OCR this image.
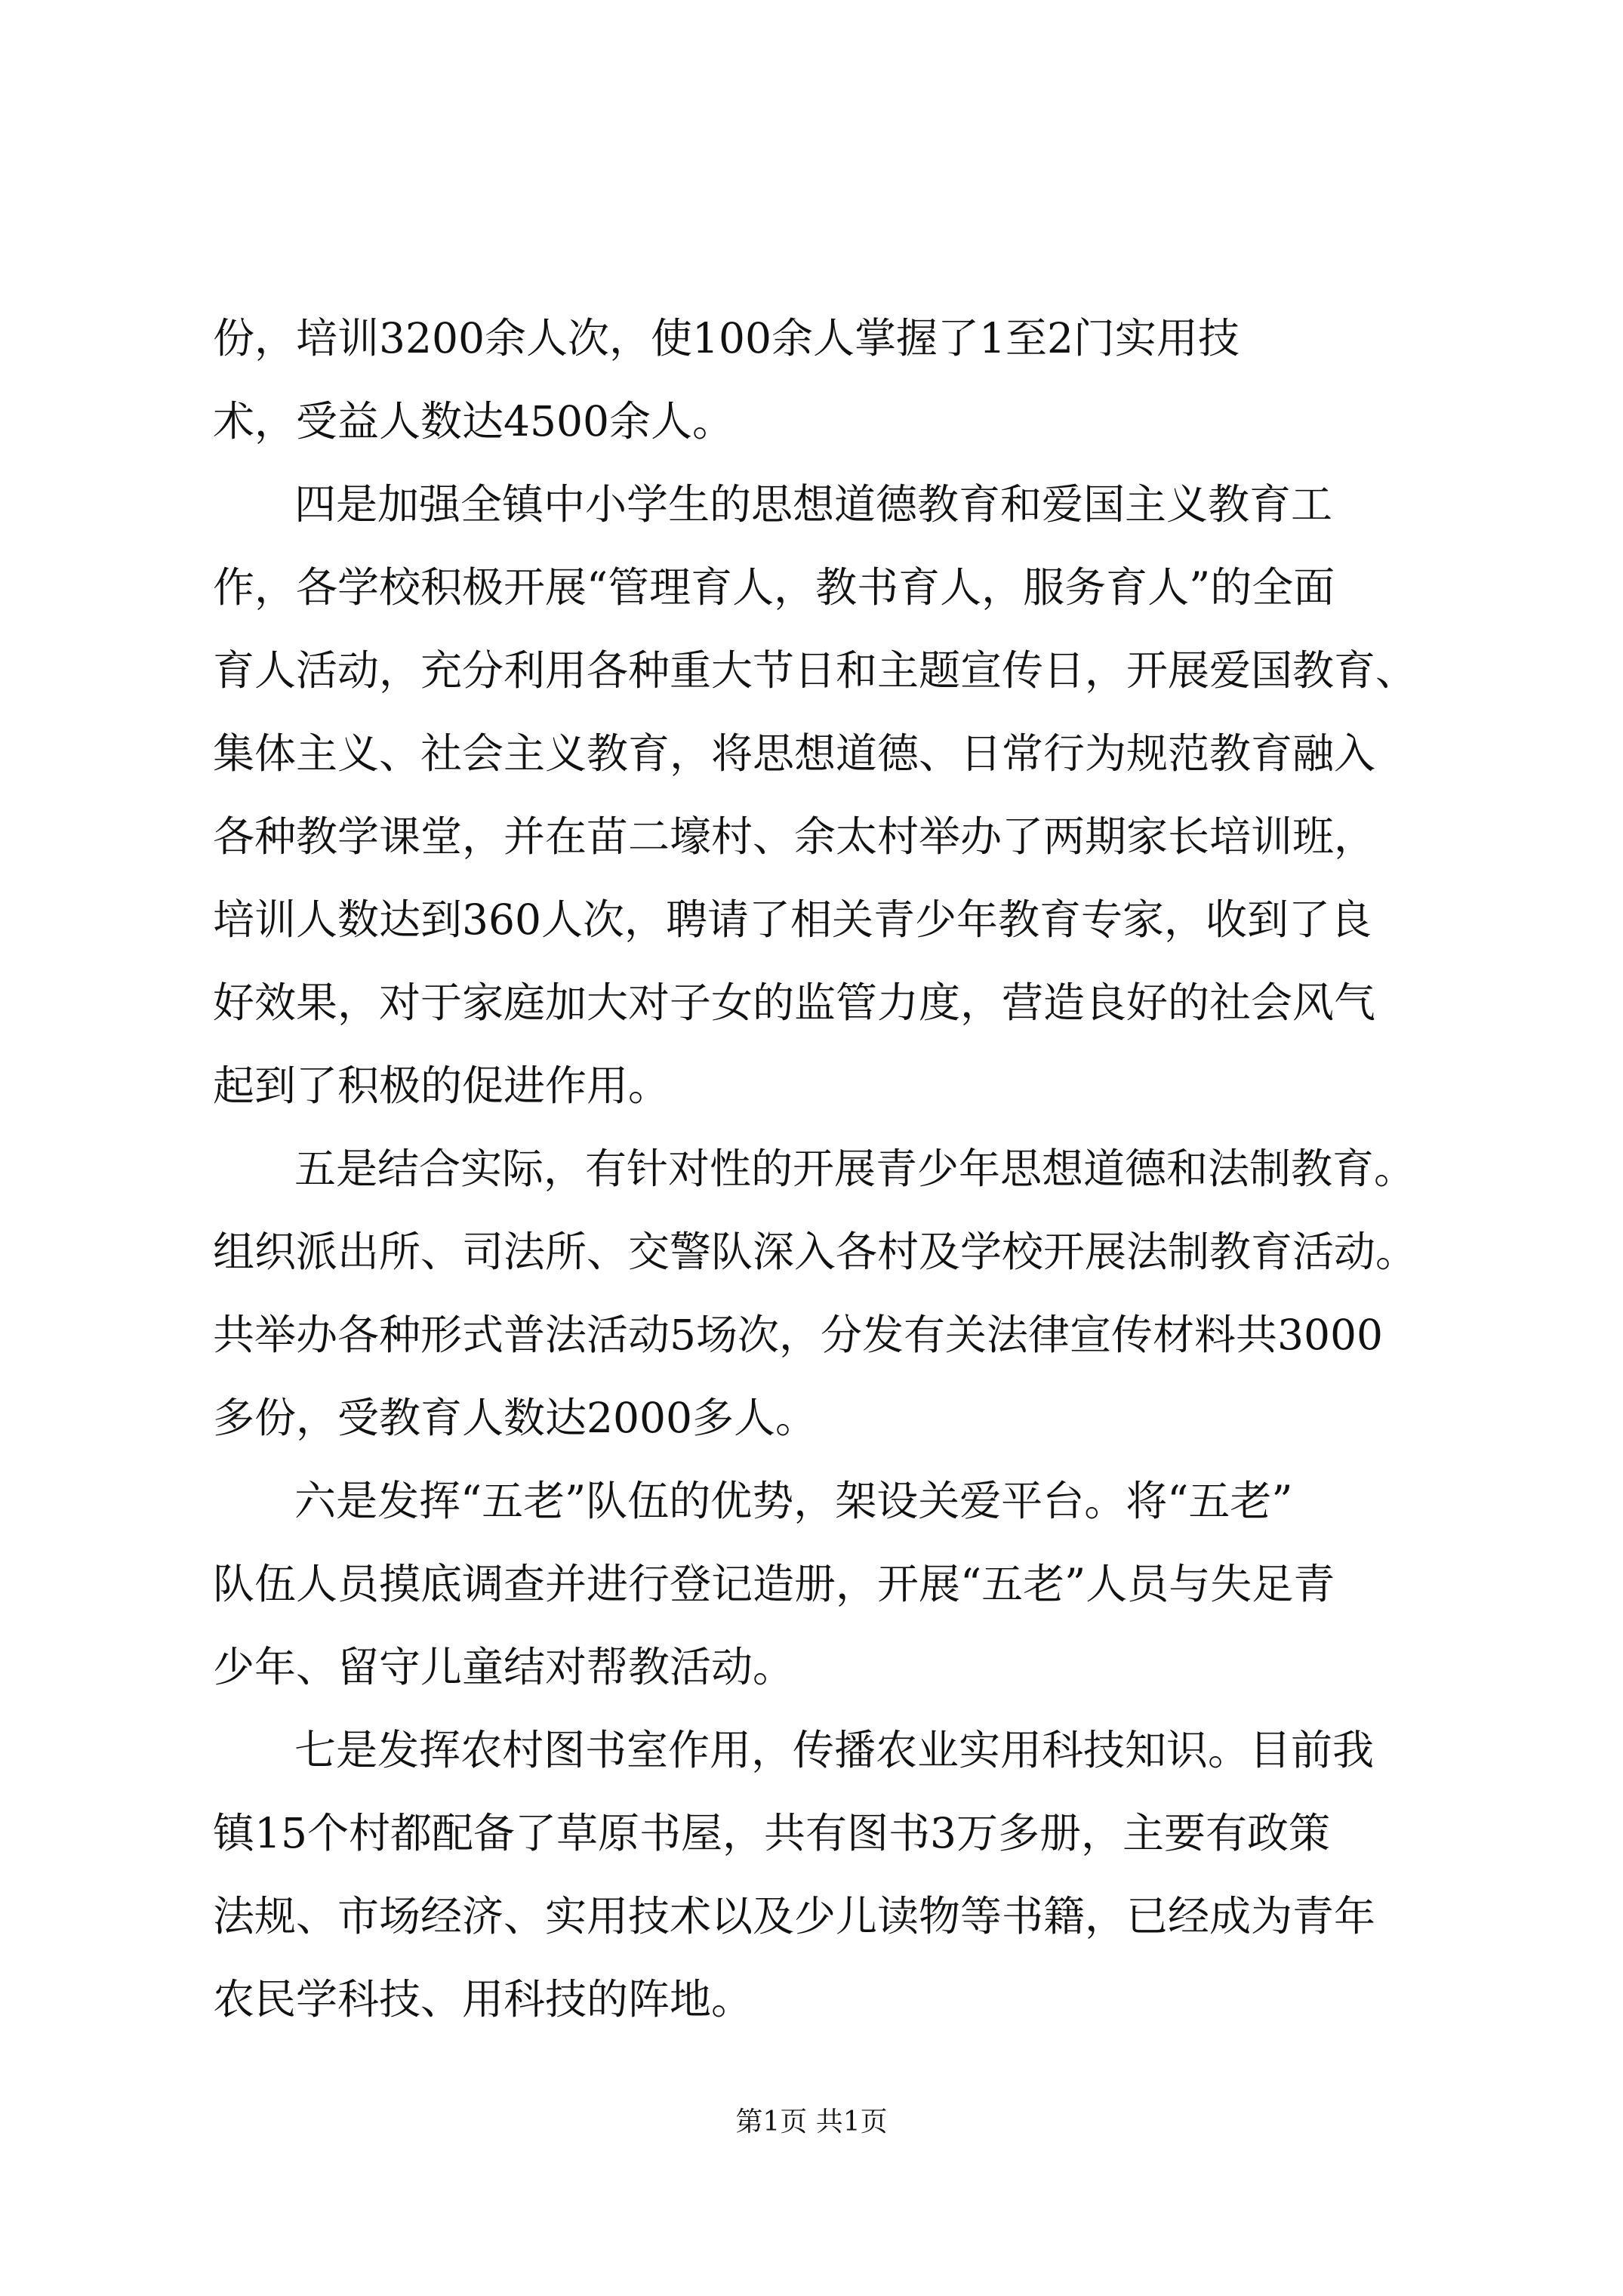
份，培训3200余人次，使100余人掌握了1至2门实用技
术，受益人数达4500余人。
四是加强全镇中小学生的思想道德教育和爱国主义教育工
作，各学校积极开展“管理育人，教书育人，服务育人”的全面
育人活动，充分利用各种重大节日和主题宣传日，开展爱国教育、
集体主义、社会主义教育，将思想道德、日常行为规范教育融入
各种教学课堂，并在苗二壕村、余太村举办了两期家长培训班，
培训人数达到360人次，聘请了相关青少年教育专家，收到了良
好效果，对于家庭加大对子女的监管力度，营造良好的社会风气
起到了积极的促进作用。
五是结合实际，有针对性的开展青少年思想道德和法制教育。
组织派出所、司法所、交警队深入各村及学校开展法制教育活动。
共举办各种形式普法活动5场次，分发有关法律宣传材料共3000
多份，受教育人数达2000多人。
六是发挥“五老”队伍的优势，架设关爱平台。将“五老”
队伍人员摸底调查并进行登记造册，开展“五老”人员与失足青
少年、留守儿童结对帮教活动。
七是发挥农村图书室作用，传播农业实用科技知识。目前我
镇15个村都配备了草原书屋，共有图书3万多册，主要有政策
法规、市场经济、实用技术以及少儿读物等书籍，已经成为青年
农民学科技、用科技的阵地。
第1页 共1页
